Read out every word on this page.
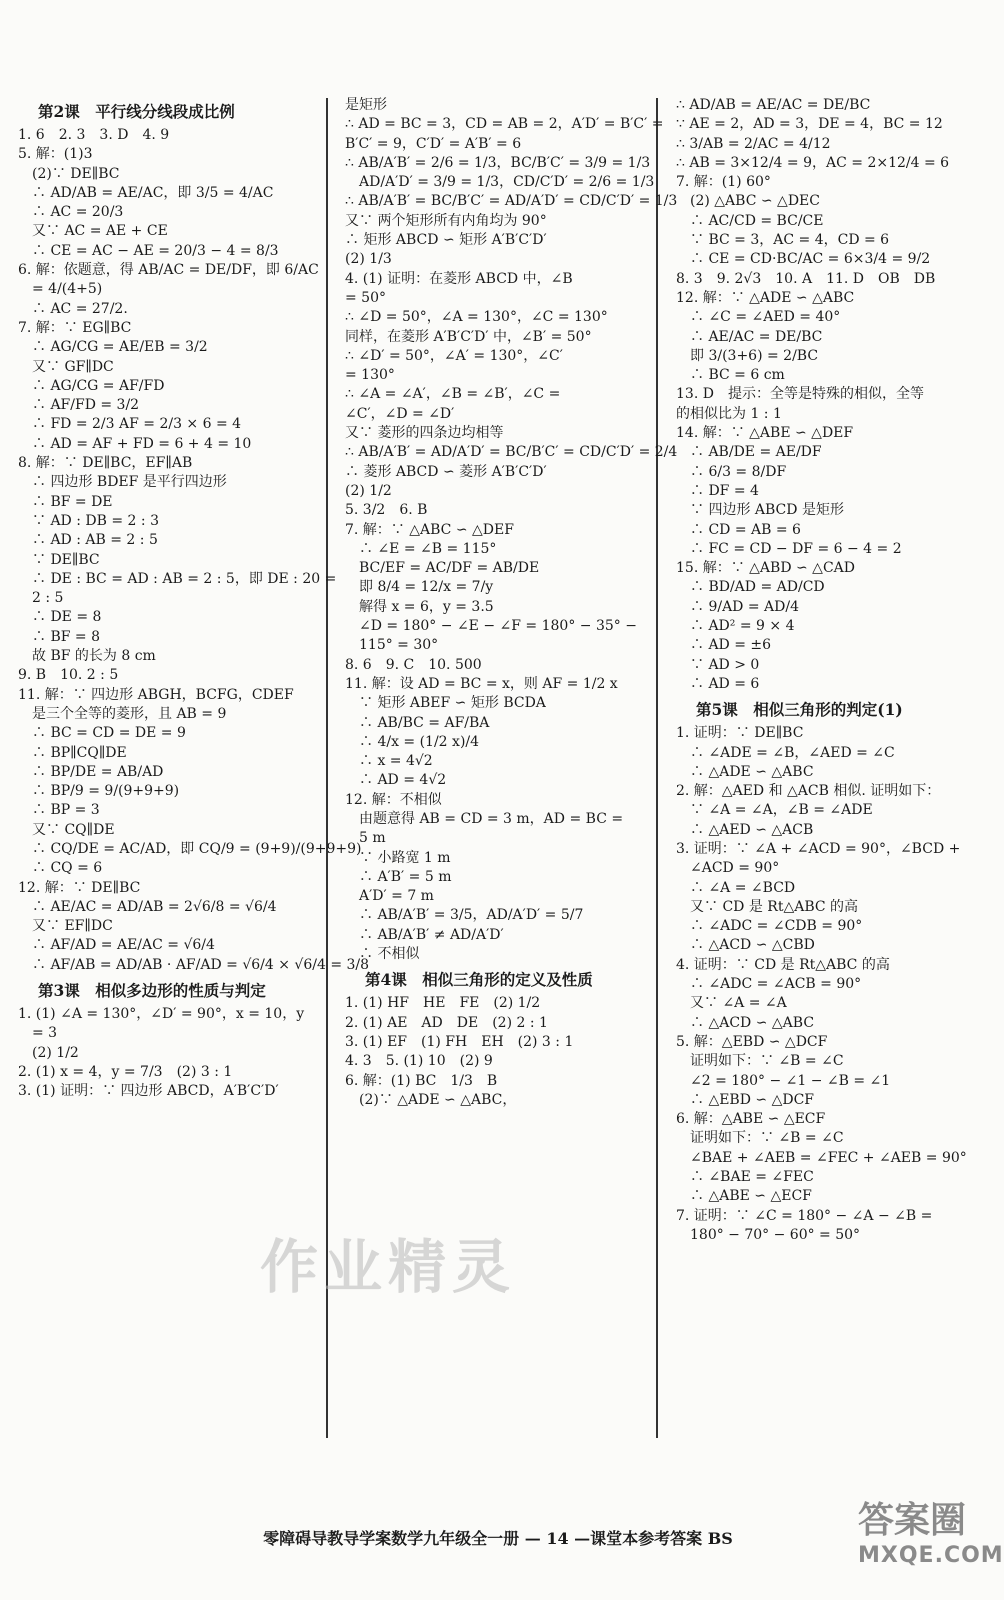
第2课　平行线分线段成比例
1. 6　2. 3　3. D　4. 9
5. 解：(1)3
　(2)∵ DE∥BC
　∴ AD/AB = AE/AC，即 3/5 = 4/AC
　∴ AC = 20/3
　又∵ AC = AE + CE
　∴ CE = AC − AE = 20/3 − 4 = 8/3
6. 解：依题意，得 AB/AC = DE/DF，即 6/AC
　= 4/(4+5)
　∴ AC = 27/2.
7. 解：∵ EG∥BC
　∴ AG/CG = AE/EB = 3/2
　又∵ GF∥DC
　∴ AG/CG = AF/FD
　∴ AF/FD = 3/2
　∴ FD = 2/3 AF = 2/3 × 6 = 4
　∴ AD = AF + FD = 6 + 4 = 10
8. 解：∵ DE∥BC，EF∥AB
　∴ 四边形 BDEF 是平行四边形
　∴ BF = DE
　∵ AD : DB = 2 : 3
　∴ AD : AB = 2 : 5
　∵ DE∥BC
　∴ DE : BC = AD : AB = 2 : 5，即 DE : 20 =
　2 : 5
　∴ DE = 8
　∴ BF = 8
　故 BF 的长为 8 cm
9. B　10. 2 : 5
11. 解：∵ 四边形 ABGH，BCFG，CDEF
　是三个全等的菱形，且 AB = 9
　∴ BC = CD = DE = 9
　∴ BP∥CQ∥DE
　∴ BP/DE = AB/AD
　∴ BP/9 = 9/(9+9+9)
　∴ BP = 3
　又∵ CQ∥DE
　∴ CQ/DE = AC/AD，即 CQ/9 = (9+9)/(9+9+9)
　∴ CQ = 6
12. 解：∵ DE∥BC
　∴ AE/AC = AD/AB = 2√6/8 = √6/4
　又∵ EF∥DC
　∴ AF/AD = AE/AC = √6/4
　∴ AF/AB = AD/AB · AF/AD = √6/4 × √6/4 = 3/8
第3课　相似多边形的性质与判定
1. (1) ∠A = 130°，∠D′ = 90°，x = 10，y
　= 3
　(2) 1/2
2. (1) x = 4，y = 7/3　(2) 3 : 1
3. (1) 证明：∵ 四边形 ABCD，A′B′C′D′
是矩形
∴ AD = BC = 3，CD = AB = 2，A′D′ = B′C′ =
B′C′ = 9，C′D′ = A′B′ = 6
∴ AB/A′B′ = 2/6 = 1/3，BC/B′C′ = 3/9 = 1/3
　AD/A′D′ = 3/9 = 1/3，CD/C′D′ = 2/6 = 1/3
∴ AB/A′B′ = BC/B′C′ = AD/A′D′ = CD/C′D′ = 1/3
又∵ 两个矩形所有内角均为 90°
∴ 矩形 ABCD ∽ 矩形 A′B′C′D′
(2) 1/3
4. (1) 证明：在菱形 ABCD 中，∠B
= 50°
∴ ∠D = 50°，∠A = 130°，∠C = 130°
同样，在菱形 A′B′C′D′ 中，∠B′ = 50°
∴ ∠D′ = 50°，∠A′ = 130°，∠C′
= 130°
∴ ∠A = ∠A′，∠B = ∠B′，∠C =
∠C′，∠D = ∠D′
又∵ 菱形的四条边均相等
∴ AB/A′B′ = AD/A′D′ = BC/B′C′ = CD/C′D′ = 2/4
∴ 菱形 ABCD ∽ 菱形 A′B′C′D′
(2) 1/2
5. 3/2　6. B
7. 解：∵ △ABC ∽ △DEF
　∴ ∠E = ∠B = 115°
　BC/EF = AC/DF = AB/DE
　即 8/4 = 12/x = 7/y
　解得 x = 6，y = 3.5
　∠D = 180° − ∠E − ∠F = 180° − 35° −
　115° = 30°
8. 6　9. C　10. 500
11. 解：设 AD = BC = x，则 AF = 1/2 x
　∵ 矩形 ABEF ∽ 矩形 BCDA
　∴ AB/BC = AF/BA
　∴ 4/x = (1/2 x)/4
　∴ x = 4√2
　∴ AD = 4√2
12. 解：不相似
　由题意得 AB = CD = 3 m，AD = BC =
　5 m
　∵ 小路宽 1 m
　∴ A′B′ = 5 m
　A′D′ = 7 m
　∴ AB/A′B′ = 3/5，AD/A′D′ = 5/7
　∴ AB/A′B′ ≠ AD/A′D′
　∴ 不相似
第4课　相似三角形的定义及性质
1. (1) HF　HE　FE　(2) 1/2
2. (1) AE　AD　DE　(2) 2 : 1
3. (1) EF　(1) FH　EH　(2) 3 : 1
4. 3　5. (1) 10　(2) 9
6. 解：(1) BC　1/3　B
　(2)∵ △ADE ∽ △ABC，
∴ AD/AB = AE/AC = DE/BC
∵ AE = 2，AD = 3，DE = 4，BC = 12
∴ 3/AB = 2/AC = 4/12
∴ AB = 3×12/4 = 9，AC = 2×12/4 = 6
7. 解：(1) 60°
　(2) △ABC ∽ △DEC
　∴ AC/CD = BC/CE
　∵ BC = 3，AC = 4，CD = 6
　∴ CE = CD·BC/AC = 6×3/4 = 9/2
8. 3　9. 2√3　10. A　11. D　OB　DB
12. 解：∵ △ADE ∽ △ABC
　∴ ∠C = ∠AED = 40°
　∴ AE/AC = DE/BC
　即 3/(3+6) = 2/BC
　∴ BC = 6 cm
13. D　提示：全等是特殊的相似，全等
的相似比为 1 : 1
14. 解：∵ △ABE ∽ △DEF
　∴ AB/DE = AE/DF
　∴ 6/3 = 8/DF
　∴ DF = 4
　∵ 四边形 ABCD 是矩形
　∴ CD = AB = 6
　∴ FC = CD − DF = 6 − 4 = 2
15. 解：∵ △ABD ∽ △CAD
　∴ BD/AD = AD/CD
　∴ 9/AD = AD/4
　∴ AD² = 9 × 4
　∴ AD = ±6
　∵ AD > 0
　∴ AD = 6
第5课　相似三角形的判定(1)
1. 证明：∵ DE∥BC
　∴ ∠ADE = ∠B，∠AED = ∠C
　∴ △ADE ∽ △ABC
2. 解：△AED 和 △ACB 相似. 证明如下：
　∵ ∠A = ∠A，∠B = ∠ADE
　∴ △AED ∽ △ACB
3. 证明：∵ ∠A + ∠ACD = 90°，∠BCD +
　∠ACD = 90°
　∴ ∠A = ∠BCD
　又∵ CD 是 Rt△ABC 的高
　∴ ∠ADC = ∠CDB = 90°
　∴ △ACD ∽ △CBD
4. 证明：∵ CD 是 Rt△ABC 的高
　∴ ∠ADC = ∠ACB = 90°
　又∵ ∠A = ∠A
　∴ △ACD ∽ △ABC
5. 解：△EBD ∽ △DCF
　证明如下：∵ ∠B = ∠C
　∠2 = 180° − ∠1 − ∠B = ∠1
　∴ △EBD ∽ △DCF
6. 解：△ABE ∽ △ECF
　证明如下：∵ ∠B = ∠C
　∠BAE + ∠AEB = ∠FEC + ∠AEB = 90°
　∴ ∠BAE = ∠FEC
　∴ △ABE ∽ △ECF
7. 证明：∵ ∠C = 180° − ∠A − ∠B =
　180° − 70° − 60° = 50°
作业精灵
零障碍导教导学案数学九年级全一册 — 14 —课堂本参考答案 BS	答案圈
MXQE.COM
